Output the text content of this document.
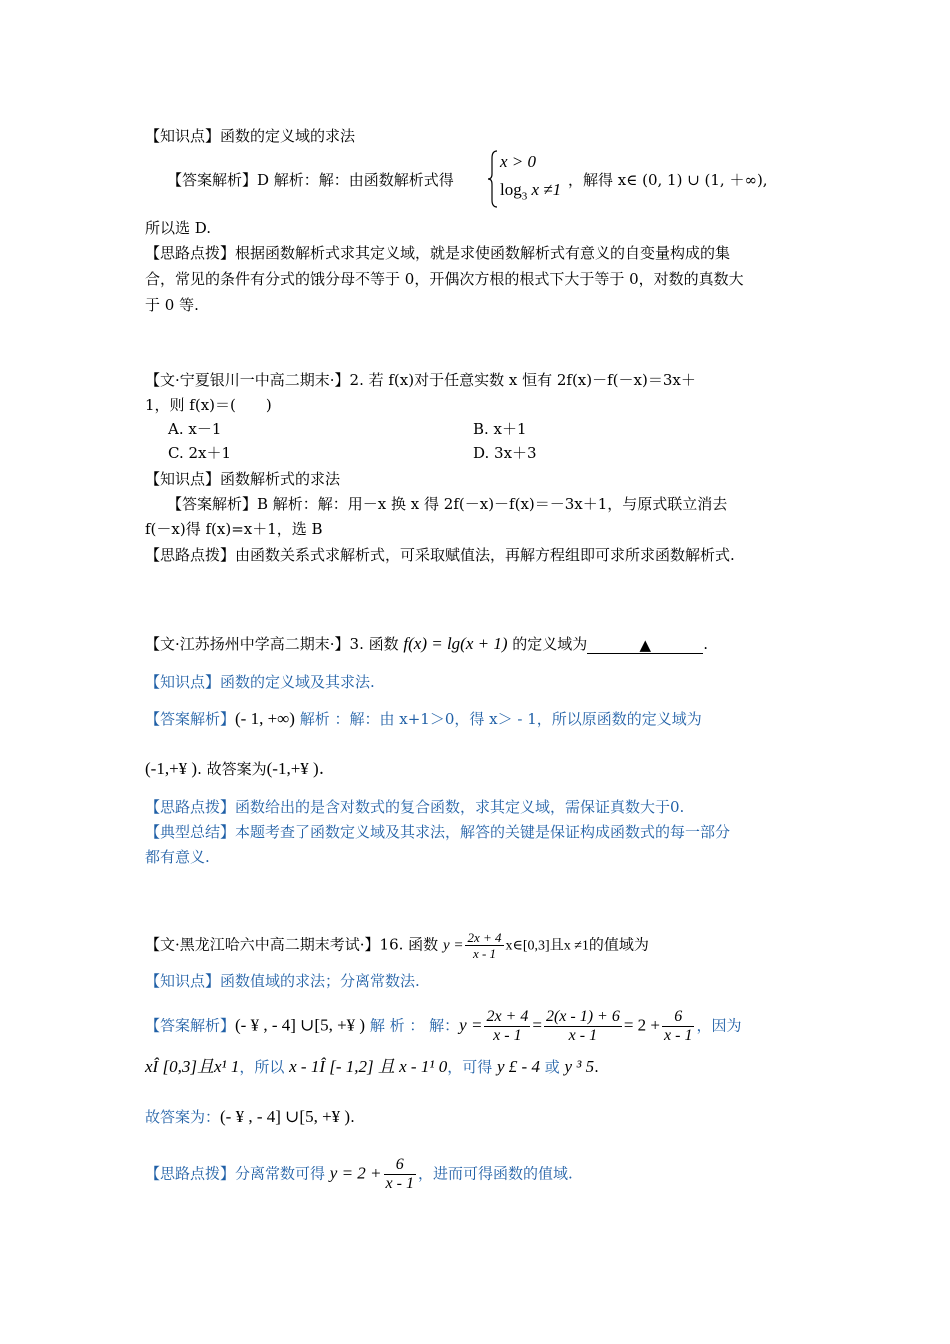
【知识点】函数的定义域的求法
【答案解析】D 解析：解：由函数解析式得
x > 0
$\log_3 x \ne 1$ ，解得 x∈ (0, 1) ∪ (1, ＋∞),
所以选 D.
【思路点拨】根据函数解析式求其定义域，就是求使函数解析式有意义的自变量构成的集
合，常见的条件有分式的饿分母不等于 0，开偶次方根的根式下大于等于 0，对数的真数大
于 0 等.
【文·宁夏银川一中高二期末·】2. 若 f(x)对于任意实数 x 恒有 2f(x)－f(－x)＝3x＋
1，则 f(x)＝(　　)
A. x－1	B. x＋1
C. 2x＋1	D. 3x＋3
【知识点】函数解析式的求法
【答案解析】B 解析：解：用－x 换 x 得 2f(－x)－f(x)＝－3x＋1，与原式联立消去
f(－x)得 f(x)=x＋1，选 B
【思路点拨】由函数关系式求解析式，可采取赋值法，再解方程组即可求所求函数解析式.
【文·江苏扬州中学高二期末·】3. 函数 f(x) = lg(x + 1) 的定义域为	▲	.
【知识点】函数的定义域及其求法.
【答案解析】(- 1, +∞) 解析 ：解：由 x+1＞0，得 x＞ - 1，所以原函数的定义域为
(-1,+¥ ). 故答案为(-1,+¥ ).
【思路点拨】函数给出的是含对数式的复合函数，求其定义域，需保证真数大于0.
【典型总结】本题考查了函数定义域及其求法，解答的关键是保证构成函数式的每一部分
都有意义.
【文·黑龙江哈六中高二期末考试·】16. 函数 $y = \frac{2x + 4}{x - 1}$ x∈[0,3]且x ≠1的值域为
【知识点】函数值域的求法；分离常数法.
【答案解析】(- ¥ , - 4] ∪[5, +¥ ) 解 析 ： 解：$y = \frac{2x + 4}{x - 1} = \frac{2(x - 1) + 6}{x - 1} = 2 + \frac{6}{x - 1}$ ，因为
xÎ [0,3]且x¹ 1，所以 x - 1Î [- 1,2] 且 x - 1¹ 0，可得 y £ - 4 或 y ³ 5.
故答案为：(- ¥ , - 4] ∪[5, +¥ ).
【思路点拨】分离常数可得 $y = 2 + \frac{6}{x - 1}$ ，进而可得函数的值域.
